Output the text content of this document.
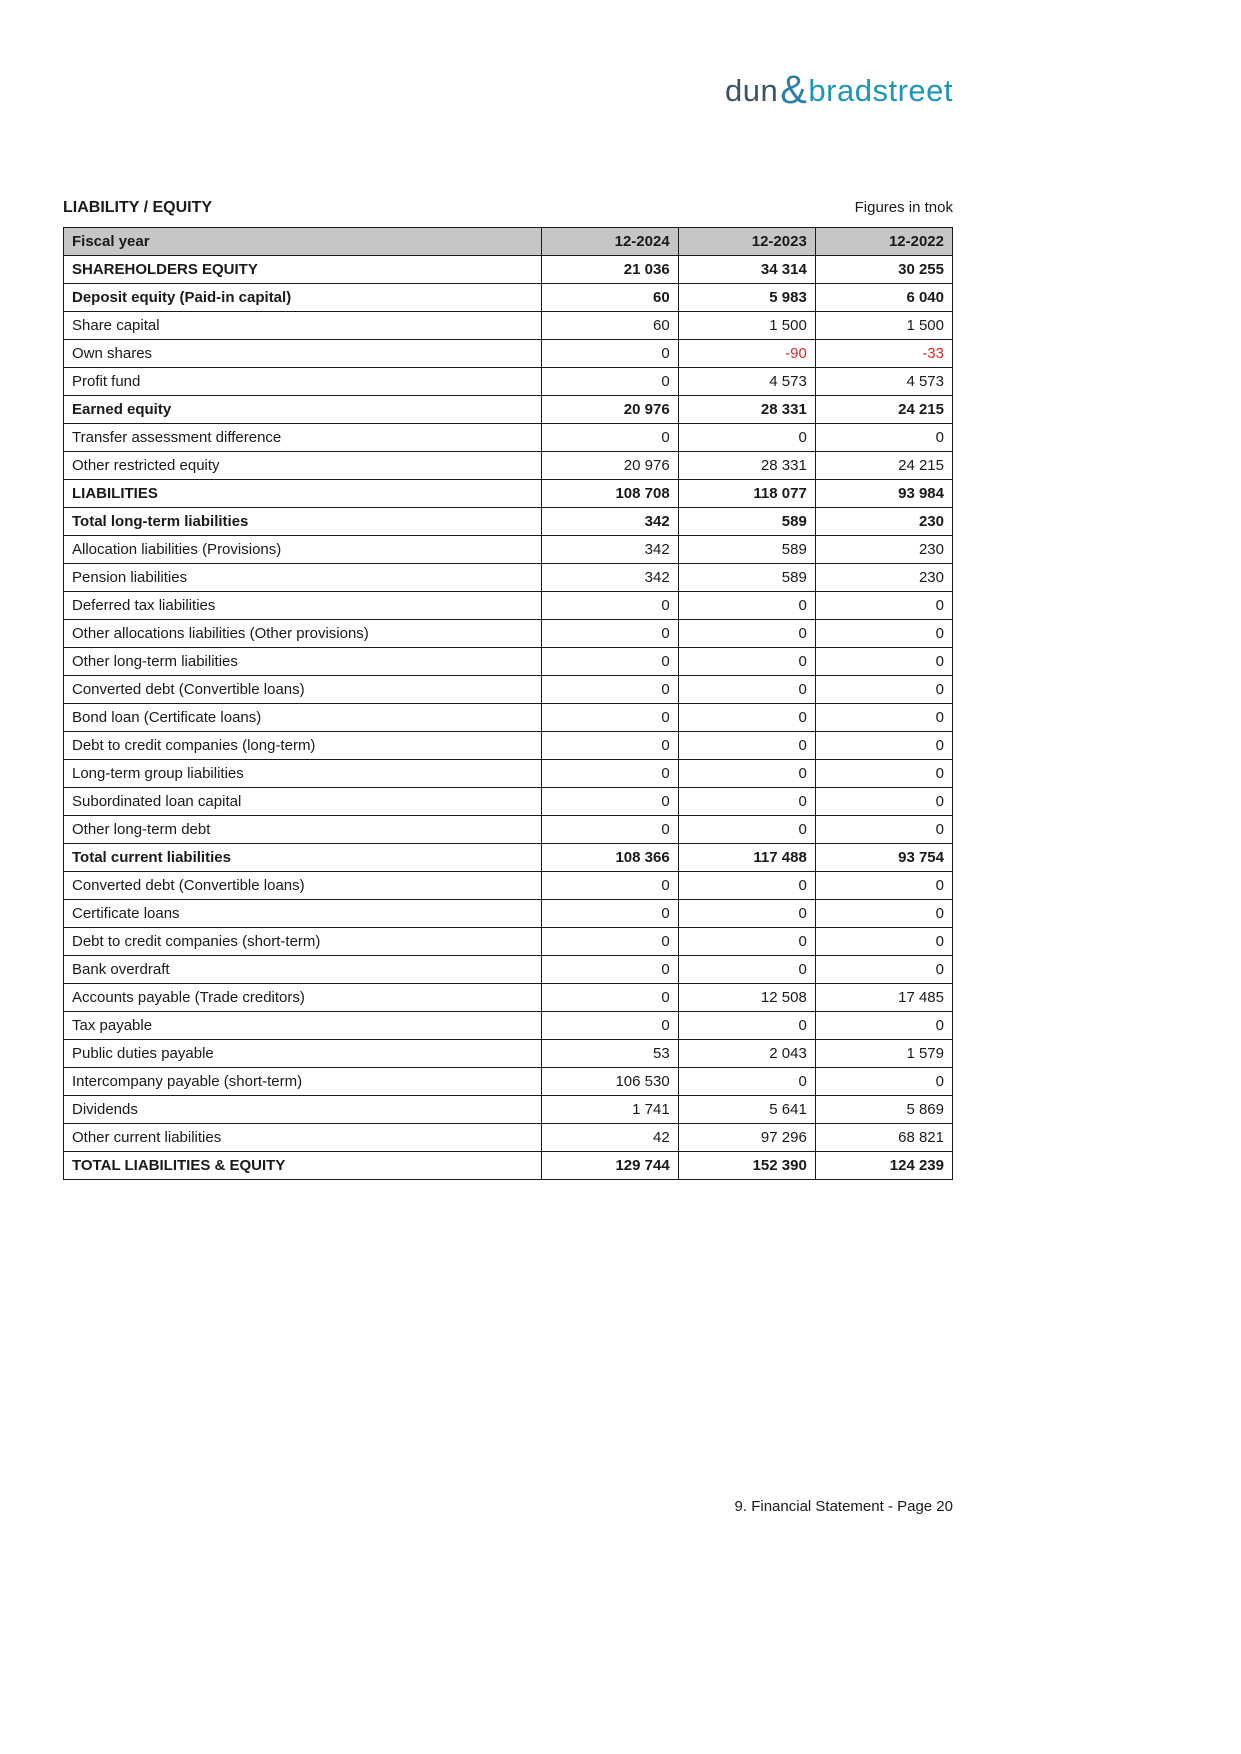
dun & bradstreet
LIABILITY / EQUITY	Figures in tnok
Fiscal year	12-2024	12-2023	12-2022
SHAREHOLDERS EQUITY	21 036	34 314	30 255
Deposit equity (Paid-in capital)	60	5 983	6 040
Share capital	60	1 500	1 500
Own shares	0	-90	-33
Profit fund	0	4 573	4 573
Earned equity	20 976	28 331	24 215
Transfer assessment difference	0	0	0
Other restricted equity	20 976	28 331	24 215
LIABILITIES	108 708	118 077	93 984
Total long-term liabilities	342	589	230
Allocation liabilities (Provisions)	342	589	230
Pension liabilities	342	589	230
Deferred tax liabilities	0	0	0
Other allocations liabilities (Other provisions)	0	0	0
Other long-term liabilities	0	0	0
Converted debt (Convertible loans)	0	0	0
Bond loan (Certificate loans)	0	0	0
Debt to credit companies (long-term)	0	0	0
Long-term group liabilities	0	0	0
Subordinated loan capital	0	0	0
Other long-term debt	0	0	0
Total current liabilities	108 366	117 488	93 754
Converted debt (Convertible loans)	0	0	0
Certificate loans	0	0	0
Debt to credit companies (short-term)	0	0	0
Bank overdraft	0	0	0
Accounts payable (Trade creditors)	0	12 508	17 485
Tax payable	0	0	0
Public duties payable	53	2 043	1 579
Intercompany payable (short-term)	106 530	0	0
Dividends	1 741	5 641	5 869
Other current liabilities	42	97 296	68 821
TOTAL LIABILITIES & EQUITY	129 744	152 390	124 239
9. Financial Statement - Page 20
